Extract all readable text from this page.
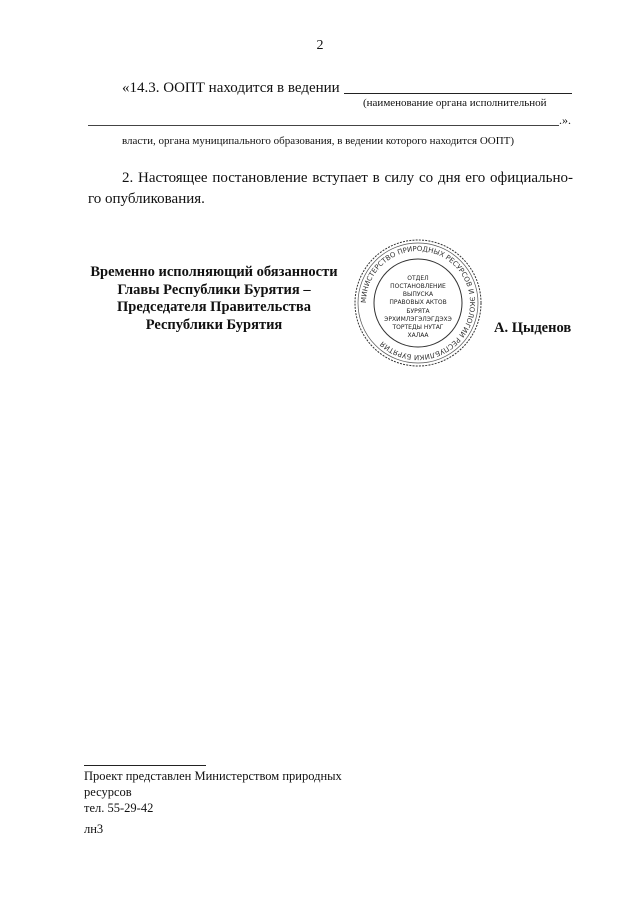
2
«14.3. ООПТ находится в ведении
(наименование органа исполнительной
.».
власти, органа муниципального образования, в ведении которого находится ООПТ)
2. Настоящее постановление вступает в силу со дня его официально-го опубликования.
Временно исполняющий обязанности
Главы Республики Бурятия –
Председателя Правительства
Республики Бурятия
МИНИСТЕРСТВО ПРИРОДНЫХ РЕСУРСОВ И ЭКОЛОГИИ РЕСПУБЛИКИ БУРЯТИЯ
ОТДЕЛ
ПОСТАНОВЛЕНИЕ
ВЫПУСКА
ПРАВОВЫХ АКТОВ
БУРЯТА
ЭРХИМЛЭГЭЛЭГДЭХЭ
ТОРТЕДЫ НУТАГ
ХАЛАА	А. Цыденов
Проект представлен Министерством природных ресурсов
тел. 55-29-42
лн3
